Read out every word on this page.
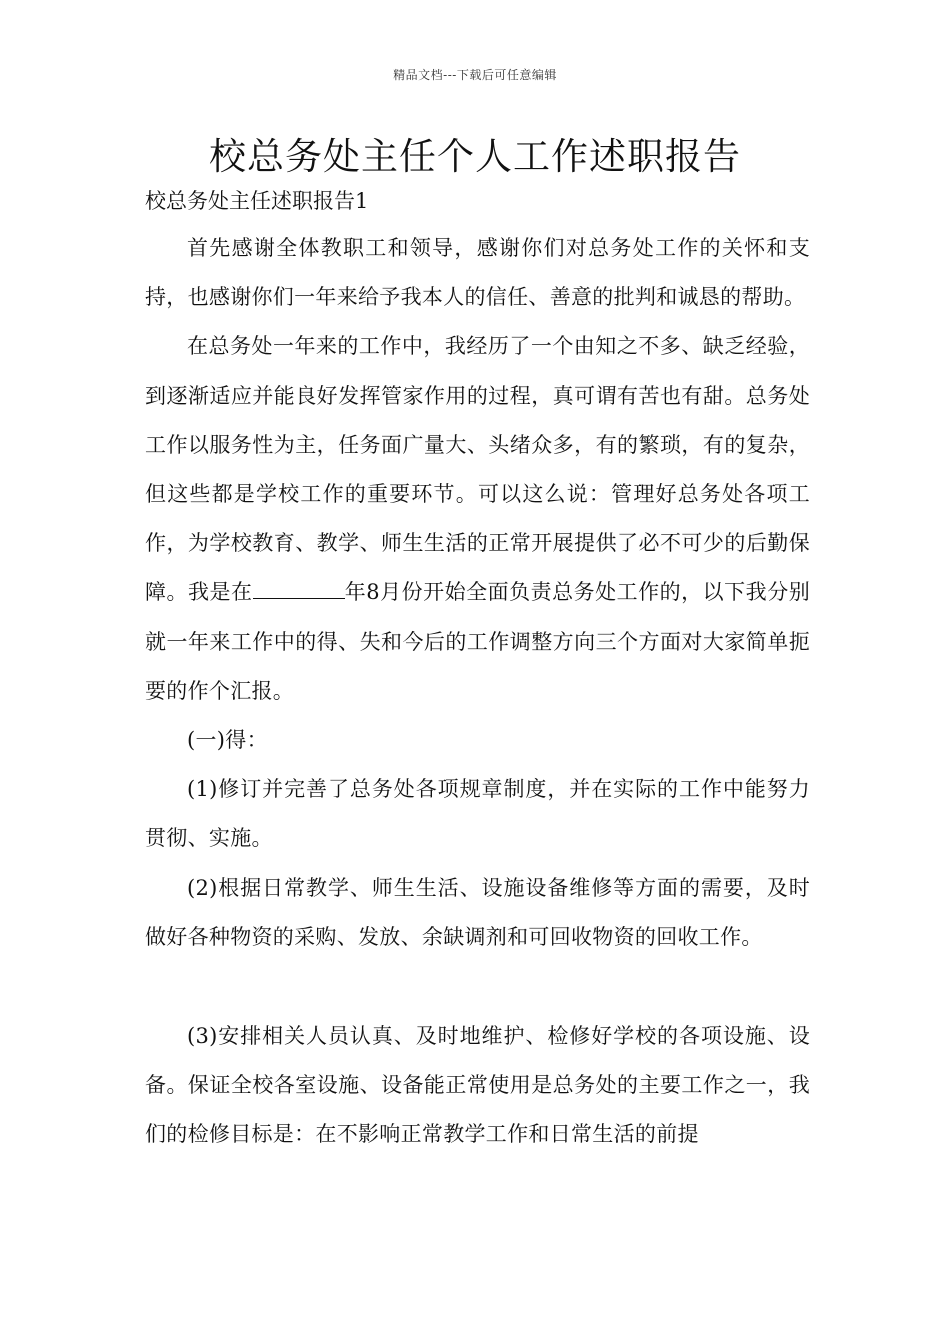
精品文档---下载后可任意编辑
校总务处主任个人工作述职报告

校总务处主任述职报告1

首先感谢全体教职工和领导，感谢你们对总务处工作的关怀和支持，也感谢你们一年来给予我本人的信任、善意的批判和诚恳的帮助。

在总务处一年来的工作中，我经历了一个由知之不多、缺乏经验，到逐渐适应并能良好发挥管家作用的过程，真可谓有苦也有甜。总务处工作以服务性为主，任务面广量大、头绪众多，有的繁琐，有的复杂，但这些都是学校工作的重要环节。可以这么说：管理好总务处各项工作，为学校教育、教学、师生生活的正常开展提供了必不可少的后勤保障。我是在	年8月份开始全面负责总务处工作的，以下我分别就一年来工作中的得、失和今后的工作调整方向三个方面对大家简单扼要的作个汇报。

(一)得：

(1)修订并完善了总务处各项规章制度，并在实际的工作中能努力贯彻、实施。

(2)根据日常教学、师生生活、设施设备维修等方面的需要，及时做好各种物资的采购、发放、余缺调剂和可回收物资的回收工作。

(3)安排相关人员认真、及时地维护、检修好学校的各项设施、设备。保证全校各室设施、设备能正常使用是总务处的主要工作之一，我们的检修目标是：在不影响正常教学工作和日常生活的前提
